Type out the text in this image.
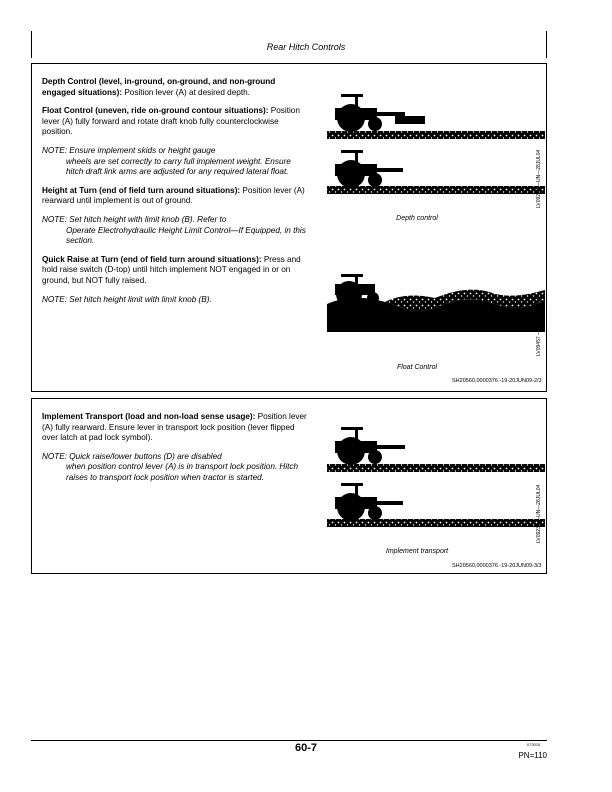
Rear Hitch Controls

Depth Control (level, in-ground, on-ground, and non-ground engaged situations): Position lever (A) at desired depth.

Float Control (uneven, ride on-ground contour situations): Position lever (A) fully forward and rotate draft knob fully counterclockwise position.

NOTE: Ensure implement skids or height gauge
wheels are set correctly to carry full implement weight. Ensure hitch draft link arms are adjusted for any required lateral float.

Height at Turn (end of field turn around situations): Position lever (A) rearward until implement is out of ground.

NOTE: Set hitch height with limit knob (B). Refer to
Operate Electrohydraulic Height Limit Control—If Equipped, in this section.

Quick Raise at Turn (end of field turn around situations): Press and hold raise switch (D-top) until hitch implement NOT engaged in or on ground, but NOT fully raised.

NOTE: Set hitch height limit with limit knob (B).

Depth control
LV09233 —UN—28JUL04
Float Control
LV09457 —UN—28JUL04
SH20560,0000376 -19-20JUN09-2/3

Implement Transport (load and non-load sense usage): Position lever (A) fully rearward. Ensure lever in transport lock position (lever flipped over latch at pad lock symbol).

NOTE: Quick raise/lower buttons (D) are disabled
when position control lever (A) is in transport lock position. Hitch raises to transport lock position when tractor is started.

Implement transport
LV09233 —UN—28JUL04
SH20560,0000376 -19-20JUN09-3/3
60-7	073015
PN=110
